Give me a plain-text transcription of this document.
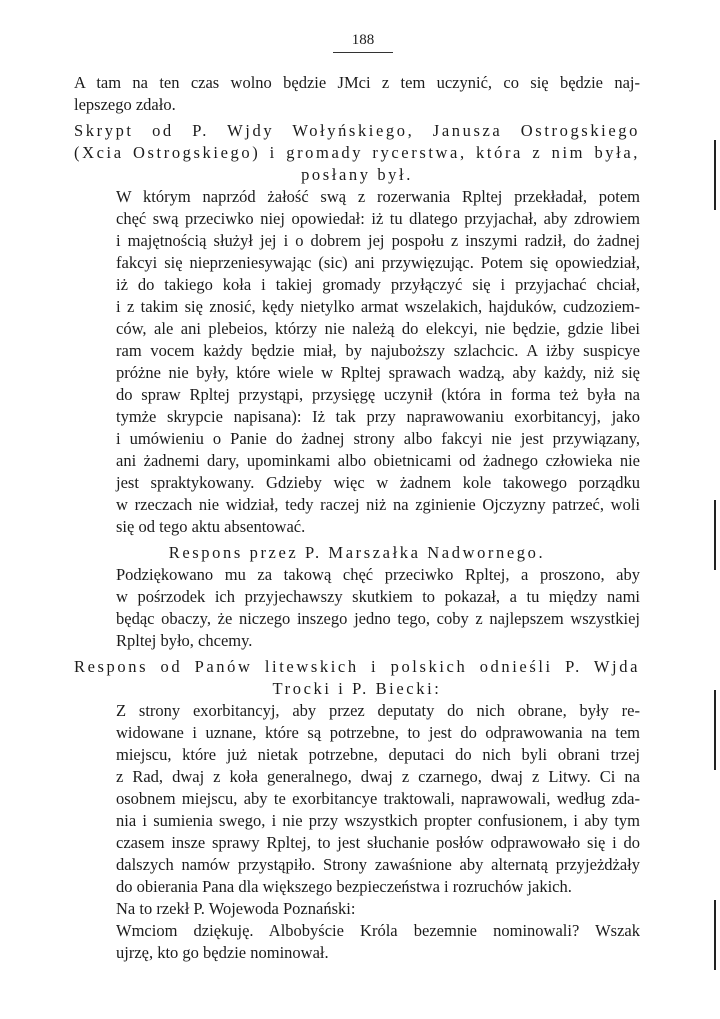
188
A tam na ten czas wolno będzie JMci z tem uczynić, co się będzie naj-
lepszego zdało.
Skrypt od P. Wjdy Wołyńskiego, Janusza Ostrogskiego
(Xcia Ostrogskiego) i gromady rycerstwa, która z nim była,
posłany był.
W którym naprzód żałość swą z rozerwania Rpltej przekładał, potem
chęć swą przeciwko niej opowiedał: iż tu dlatego przyjachał, aby zdrowiem
i majętnością służył jej i o dobrem jej pospołu z inszymi radził, do żadnej
fakcyi się nieprzeniesywając (sic) ani przywięzując. Potem się opowiedział,
iż do takiego koła i takiej gromady przyłączyć się i przyjachać chciał,
i z takim się znosić, kędy nietylko armat wszelakich, hajduków, cudzoziem-
ców, ale ani plebeios, którzy nie należą do elekcyi, nie będzie, gdzie libei
ram vocem każdy będzie miał, by najuboższy szlachcic. A iżby suspicye
próżne nie były, które wiele w Rpltej sprawach wadzą, aby każdy, niż się
do spraw Rpltej przystąpi, przysięgę uczynił (która in forma też była na
tymże skrypcie napisana): Iż tak przy naprawowaniu exorbitancyj, jako
i umówieniu o Panie do żadnej strony albo fakcyi nie jest przywiązany,
ani żadnemi dary, upominkami albo obietnicami od żadnego człowieka nie
jest spraktykowany. Gdzieby więc w żadnem kole takowego porządku
w rzeczach nie widział, tedy raczej niż na zginienie Ojczyzny patrzeć, woli
się od tego aktu absentować.
Respons przez P. Marszałka Nadwornego.
Podziękowano mu za takową chęć przeciwko Rpltej, a proszono, aby
w pośrzodek ich przyjechawszy skutkiem to pokazał, a tu między nami
będąc obaczy, że niczego inszego jedno tego, coby z najlepszem wszystkiej
Rpltej było, chcemy.
Respons od Panów litewskich i polskich odnieśli P. Wjda
Trocki i P. Biecki:
Z strony exorbitancyj, aby przez deputaty do nich obrane, były re-
widowane i uznane, które są potrzebne, to jest do odprawowania na tem
miejscu, które już nietak potrzebne, deputaci do nich byli obrani trzej
z Rad, dwaj z koła generalnego, dwaj z czarnego, dwaj z Litwy. Ci na
osobnem miejscu, aby te exorbitancye traktowali, naprawowali, według zda-
nia i sumienia swego, i nie przy wszystkich propter confusionem, i aby tym
czasem insze sprawy Rpltej, to jest słuchanie posłów odprawowało się i do
dalszych namów przystąpiło. Strony zawaśnione aby alternatą przyjeżdżały
do obierania Pana dla większego bezpieczeństwa i rozruchów jakich.
Na to rzekł P. Wojewoda Poznański:
Wmciom dziękuję. Albobyście Króla bezemnie nominowali? Wszak
ujrzę, kto go będzie nominował.
